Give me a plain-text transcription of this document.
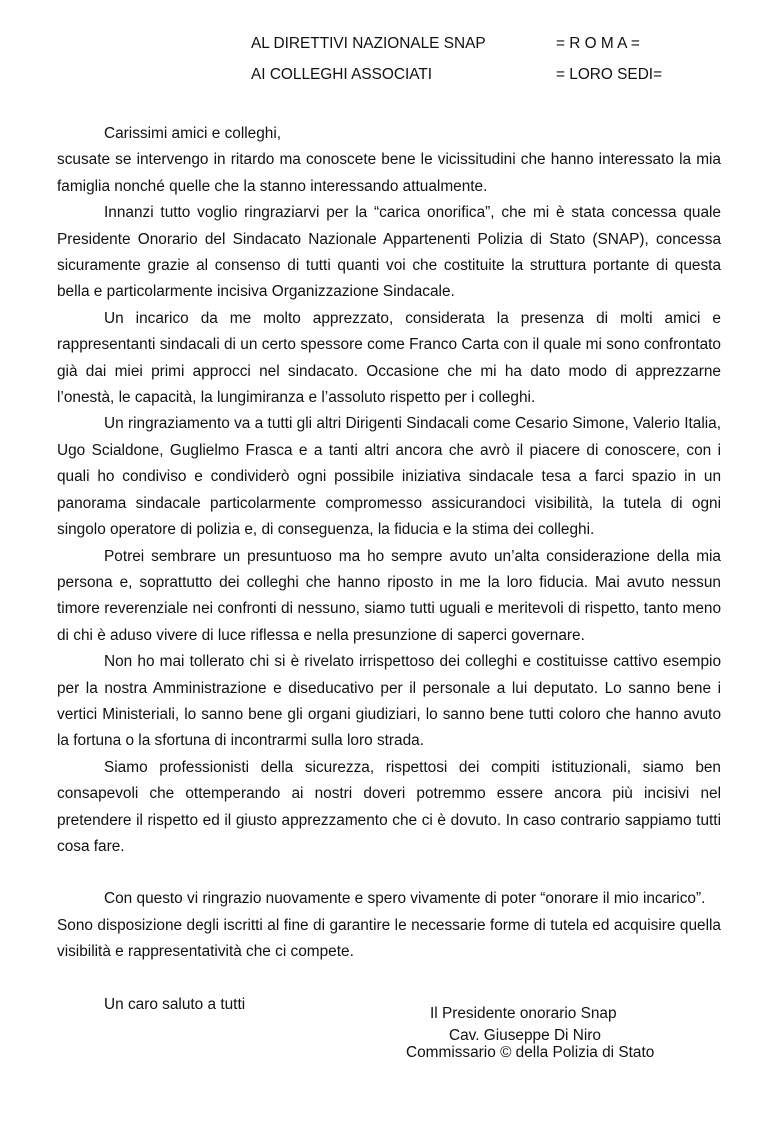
AL DIRETTIVI NAZIONALE SNAP	= R O M A =
AI COLLEGHI ASSOCIATI	= LORO SEDI=

Carissimi amici e colleghi,

scusate se intervengo in ritardo ma conoscete bene le vicissitudini che hanno interessato la mia famiglia nonché quelle che la stanno interessando attualmente.

Innanzi tutto voglio ringraziarvi per la “carica onorifica”, che mi è stata concessa quale Presidente Onorario del Sindacato Nazionale Appartenenti Polizia di Stato (SNAP), concessa sicuramente grazie al consenso di tutti quanti voi che costituite la struttura portante di questa bella e particolarmente incisiva Organizzazione Sindacale.

Un incarico da me molto apprezzato, considerata la presenza di molti amici e rappresentanti sindacali di un certo spessore come Franco Carta con il quale mi sono confrontato già dai miei primi approcci nel sindacato. Occasione che mi ha dato modo di apprezzarne l’onestà, le capacità, la lungimiranza e l’assoluto rispetto per i colleghi.

Un ringraziamento va a tutti gli altri Dirigenti Sindacali come Cesario Simone, Valerio Italia, Ugo Scialdone, Guglielmo Frasca e a tanti altri ancora che avrò il piacere di conoscere, con i quali ho condiviso e condividerò ogni possibile iniziativa sindacale tesa a farci spazio in un panorama sindacale particolarmente compromesso assicurandoci visibilità, la tutela di ogni singolo operatore di polizia e, di conseguenza, la fiducia e la stima dei colleghi.

Potrei sembrare un presuntuoso ma ho sempre avuto un’alta considerazione della mia persona e, soprattutto dei colleghi che hanno riposto in me la loro fiducia. Mai avuto nessun timore reverenziale nei confronti di nessuno, siamo tutti uguali e meritevoli di rispetto, tanto meno di chi è aduso vivere di luce riflessa e nella presunzione di saperci governare.

Non ho mai tollerato chi si è rivelato irrispettoso dei colleghi e costituisse cattivo esempio per la nostra Amministrazione e diseducativo per il personale a lui deputato. Lo sanno bene i vertici Ministeriali, lo sanno bene gli organi giudiziari, lo sanno bene tutti coloro che hanno avuto la fortuna o la sfortuna di incontrarmi sulla loro strada.

Siamo professionisti della sicurezza, rispettosi dei compiti istituzionali, siamo ben consapevoli che ottemperando ai nostri doveri potremmo essere ancora più incisivi nel pretendere il rispetto ed il giusto apprezzamento che ci è dovuto. In caso contrario sappiamo tutti cosa fare.

Con questo vi ringrazio nuovamente e spero vivamente di poter “onorare il mio incarico”.

Sono disposizione degli iscritti al fine di garantire le necessarie forme di tutela ed acquisire quella visibilità e rappresentatività che ci compete.

Un caro saluto a tutti

Il Presidente onorario Snap
Cav. Giuseppe Di Niro
Commissario © della Polizia di Stato
